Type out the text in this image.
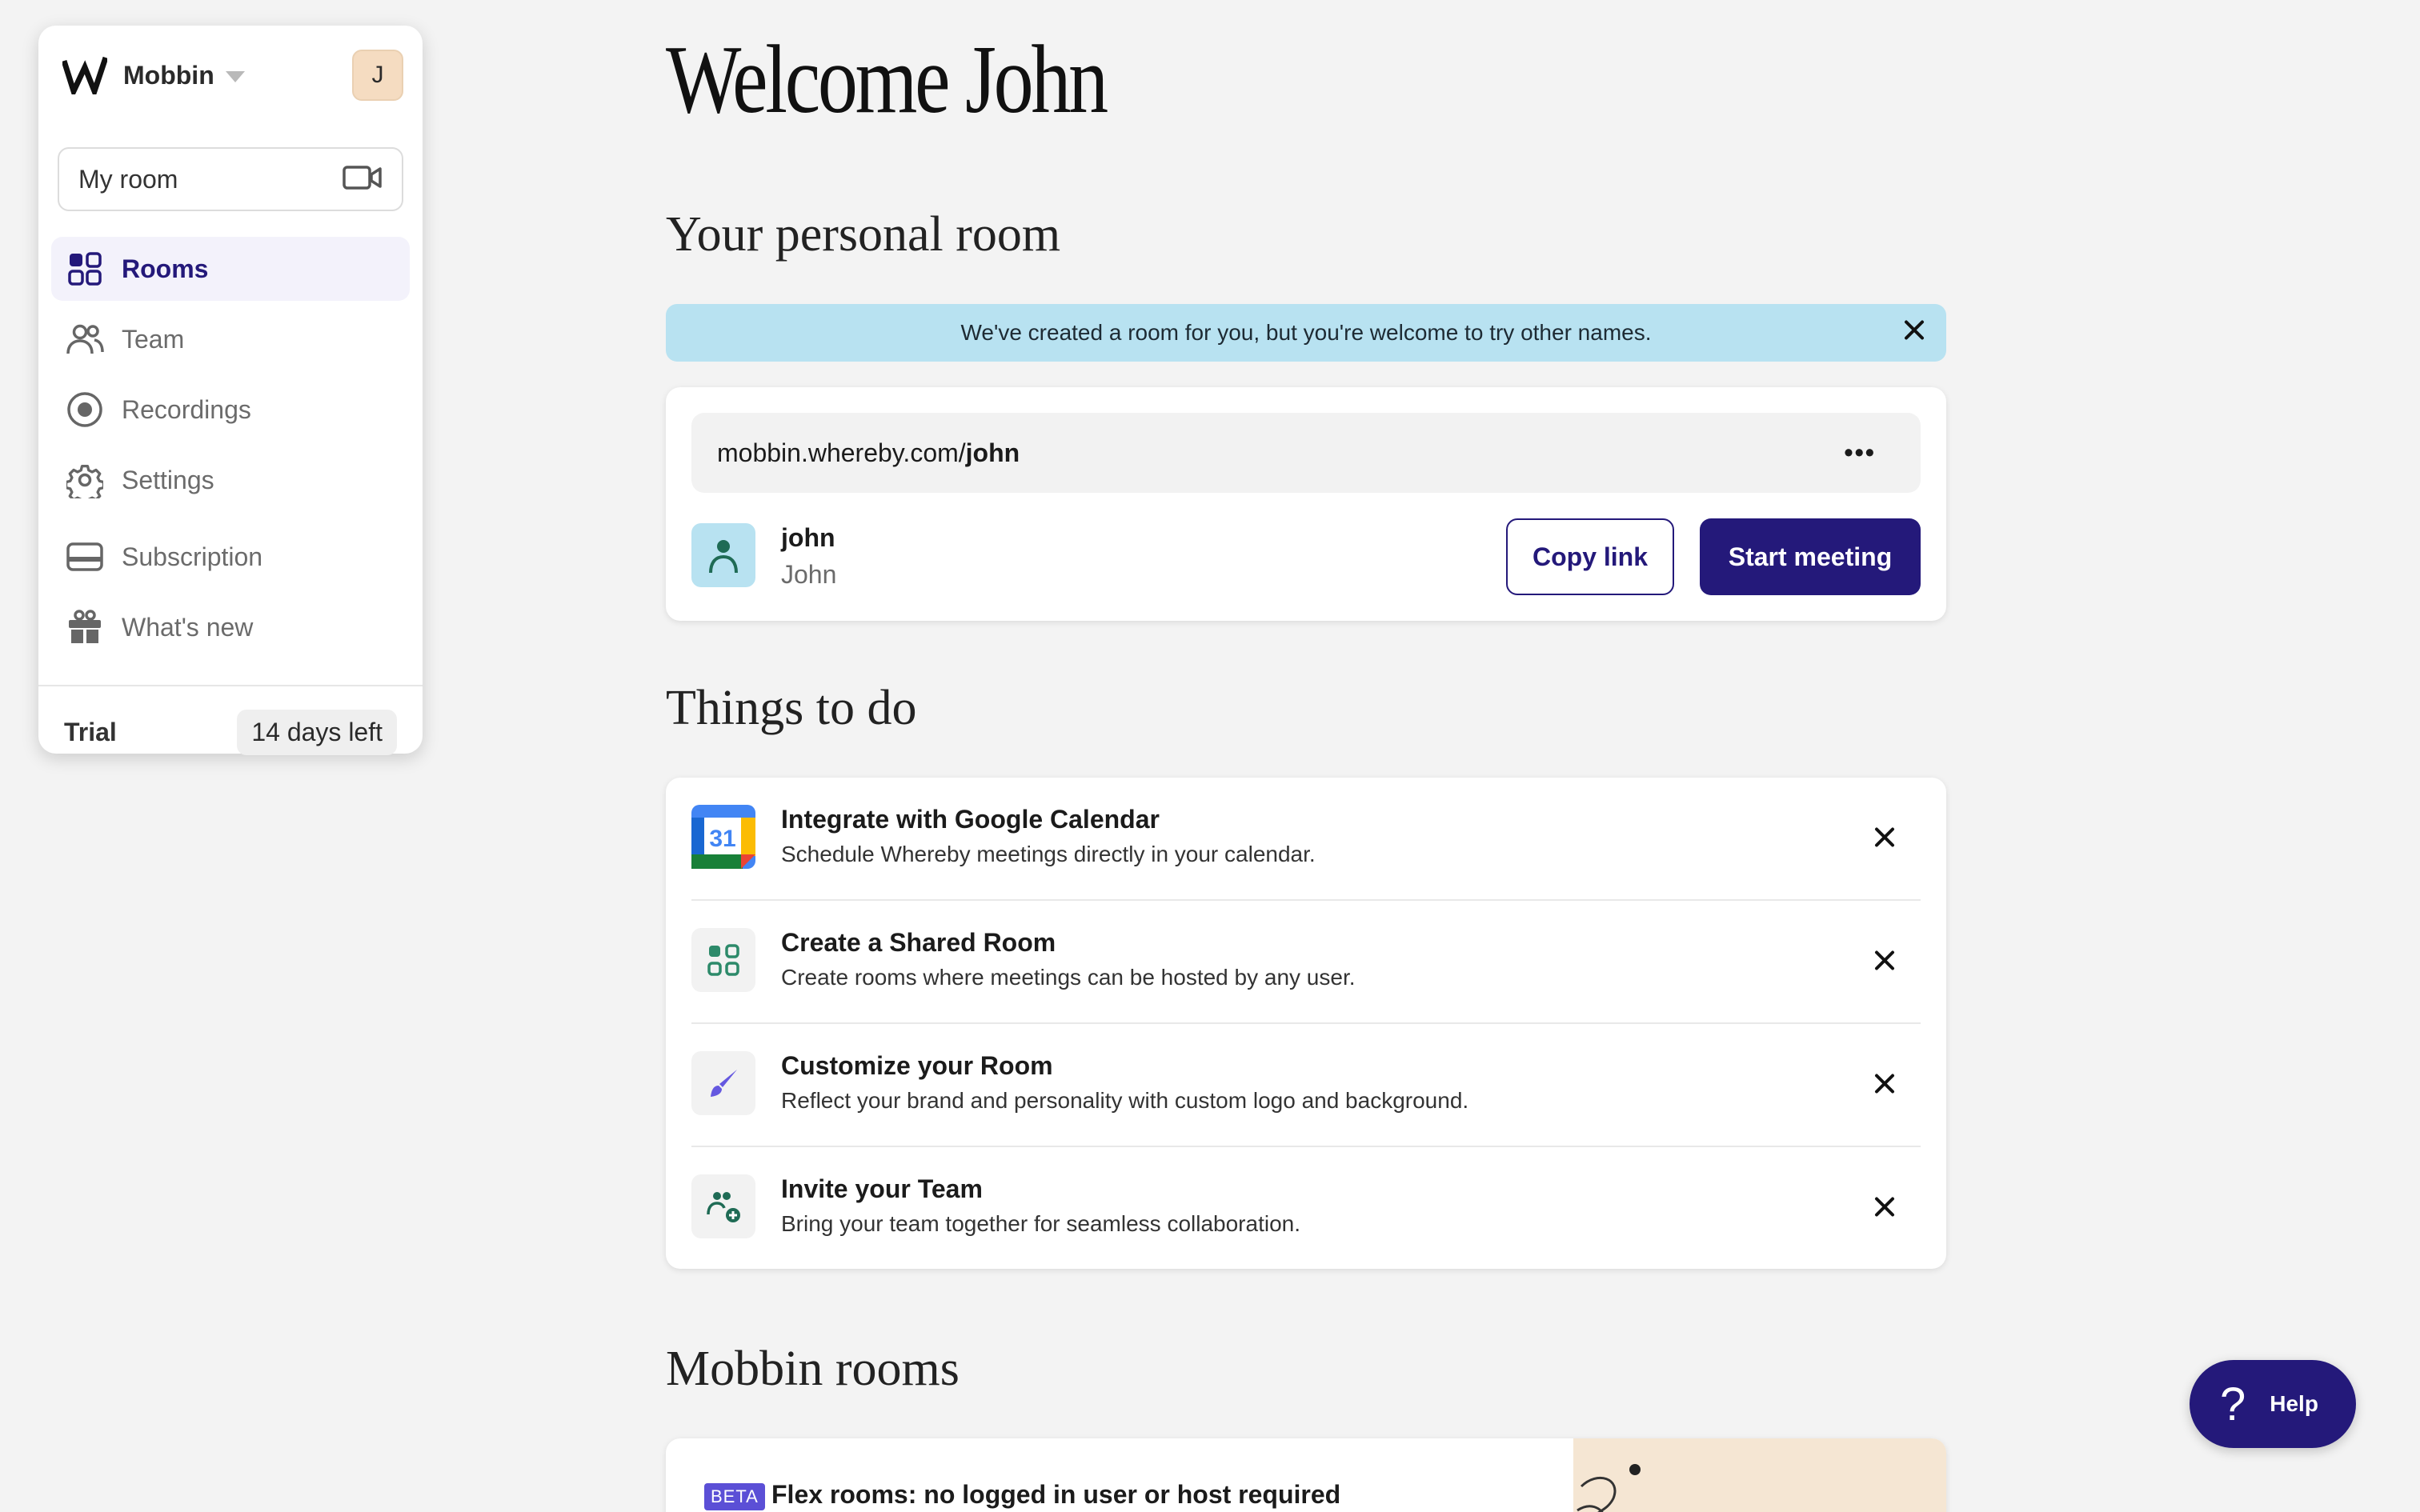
Mobbin	J
My room
Rooms
Team
Recordings
Settings
Subscription
What's new
Trial	14 days left
Welcome John
Your personal room
We've created a room for you, but you're welcome to try other names.
mobbin.whereby.com/ john	•••
john
John
Copy link	Start meeting
Things to do
31
Integrate with Google Calendar
Schedule Whereby meetings directly in your calendar.
Create a Shared Room
Create rooms where meetings can be hosted by any user.
Customize your Room
Reflect your brand and personality with custom logo and background.
Invite your Team
Bring your team together for seamless collaboration.
Mobbin rooms
BETA Flex rooms: no logged in user or host required
? Help
